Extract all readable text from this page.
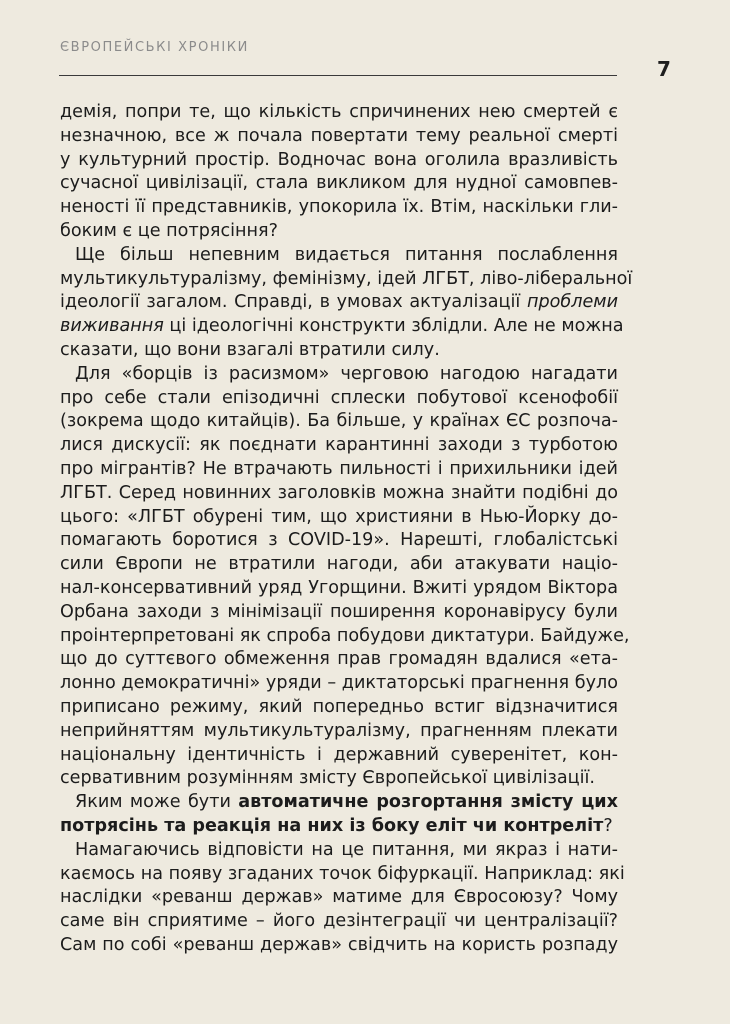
ЄВРОПЕЙСЬКІ ХРОНІКИ
7
демія, попри те, що кількість спричинених нею смертей є
незначною, все ж почала повертати тему реальної смерті
у культурний простір. Водночас вона оголила вразливість
сучасної цивілізації, стала викликом для нудної самовпев-
неності її представників, упокорила їх. Втім, наскільки гли-
боким є це потрясіння?
Ще більш непевним видається питання послаблення
мультикультуралізму, фемінізму, ідей ЛГБТ, ліво-ліберальної
ідеології загалом. Справді, в умовах актуалізації проблеми
виживання ці ідеологічні конструкти зблідли. Але не можна
сказати, що вони взагалі втратили силу.
Для «борців із расизмом» черговою нагодою нагадати
про себе стали епізодичні сплески побутової ксенофобії
(зокрема щодо китайців). Ба більше, у країнах ЄС розпоча-
лися дискусії: як поєднати карантинні заходи з турботою
про мігрантів? Не втрачають пильності і прихильники ідей
ЛГБТ. Серед новинних заголовків можна знайти подібні до
цього: «ЛГБТ обурені тим, що християни в Нью-Йорку до-
помагають боротися з COVID-19». Нарешті, глобалістські
сили Європи не втратили нагоди, аби атакувати націо-
нал-консервативний уряд Угорщини. Вжиті урядом Віктора
Орбана заходи з мінімізації поширення коронавірусу були
проінтерпретовані як спроба побудови диктатури. Байдуже,
що до суттєвого обмеження прав громадян вдалися «ета-
лонно демократичні» уряди – диктаторські прагнення було
приписано режиму, який попередньо встиг відзначитися
неприйняттям мультикультуралізму, прагненням плекати
національну ідентичність і державний суверенітет, кон-
сервативним розумінням змісту Європейської цивілізації.
Яким може бути автоматичне розгортання змісту цих
потрясінь та реакція на них із боку еліт чи контреліт?
Намагаючись відповісти на це питання, ми якраз і нати-
каємось на появу згаданих точок біфуркації. Наприклад: які
наслідки «реванш держав» матиме для Євросоюзу? Чому
саме він сприятиме – його дезінтеграції чи централізації?
Сам по собі «реванш держав» свідчить на користь розпаду
